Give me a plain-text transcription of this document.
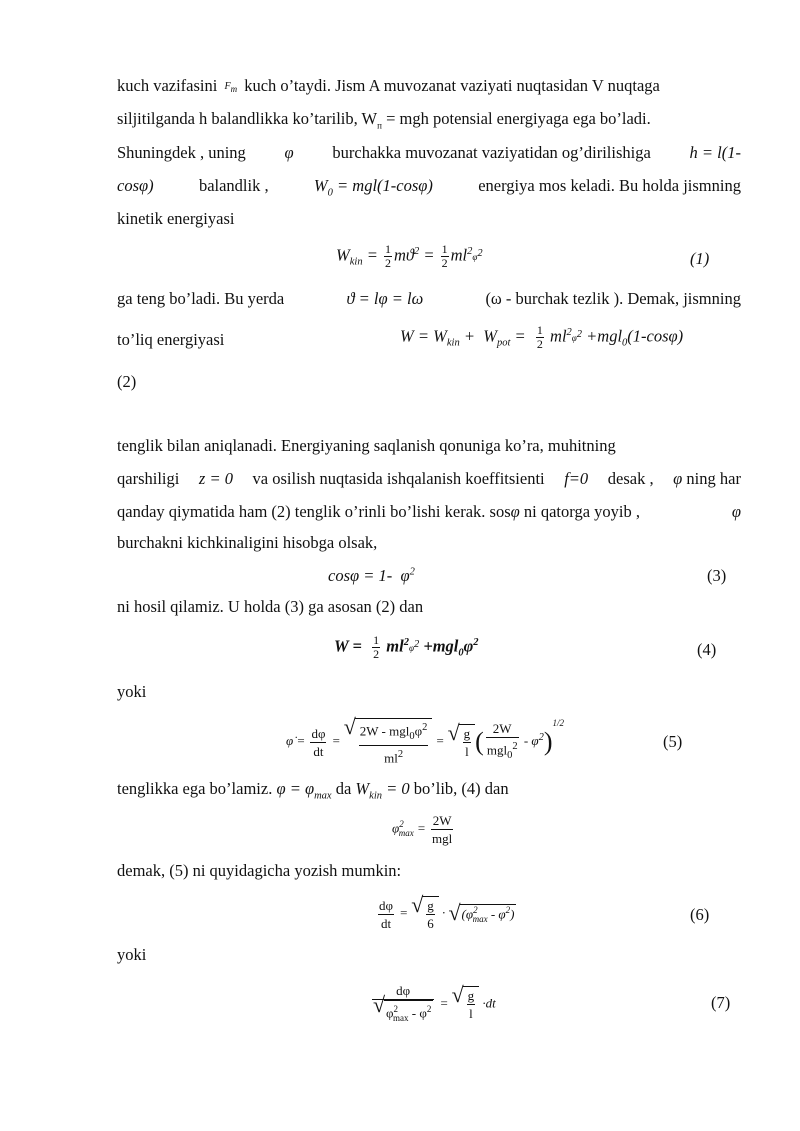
kuch vazifasini $F_т$ kuch o’taydi. Jism A muvozanat vaziyati nuqtasidan V nuqtaga
siljitilganda h balandlikka ko’tarilib, $W_п$ = mgh potensial energiyaga ega bo’ladi.
Shuningdek , uning φ burchakka muvozanat vaziyatidan og’dirilishiga h = l(1-
cosφ)	balandlik ,	$W_0 = mgl(1-\cos\varphi)$	energiya mos keladi. Bu holda jismning
kinetik energiyasi
$W_{kin} = \frac{1}{2} mϑ^2 = \frac{1}{2}$ $ml^2\varphi̇^2$	(1)
ga teng bo’ladi. Bu yerda	ϑ = lφ = lω	(ω - burchak tezlik ). Demak, jismning
to’liq energiyasi	$W = W_{kin} + W_{pot} = \frac{1}{2}$ $ml^2\varphi̇^2 +mgl_0(1-\cos\varphi)$
(2)
tenglik bilan aniqlanadi. Energiyaning saqlanish qonuniga ko’ra, muhitning
qarshiligi z = 0 va osilish nuqtasida ishqalanish koeffitsienti f=0 desak , φ ning har
qanday qiymatida ham (2) tenglik o’rinli bo’lishi kerak. sosφ ni qatorga yoyib ,	φ
burchakni kichkinaligini hisobga olsak,
cosφ = 1-  $\varphi^2$	(3)
ni hosil qilamiz. U holda (3) ga asosan (2) dan
$W = \frac{1}{2}$ $ml^2\varphi̇^2 +mgl_0\varphi^2$	(4)
yoki
φ̇ = $\frac{d\varphi}{dt}$ = √ $\frac{2W - mgl_0\varphi^2}{ml^2}$ = √ $\frac{g}{l}$ ( $\frac{2W}{mgl_0^2} - \varphi^2)^{1/2}$
(5)
tenglikka ega bo’lamiz. $\varphi = \varphi_{max}$ da $W_{kin} = 0$ bo’lib, (4) dan
$\varphi^2_{max} = \frac{2W}{\text{mgl}}$
demak, (5) ni quyidagicha yozish mumkin:
$\frac{d\varphi}{dt}$ = √ $\frac{g}{6}$ · √ $(\varphi^2_{max} - \varphi^2)$	(6)
yoki
dφ
√ $\varphi^2_{max} - \varphi^2$ = √ $\frac{g}{l} \cdot dt$	(7)
